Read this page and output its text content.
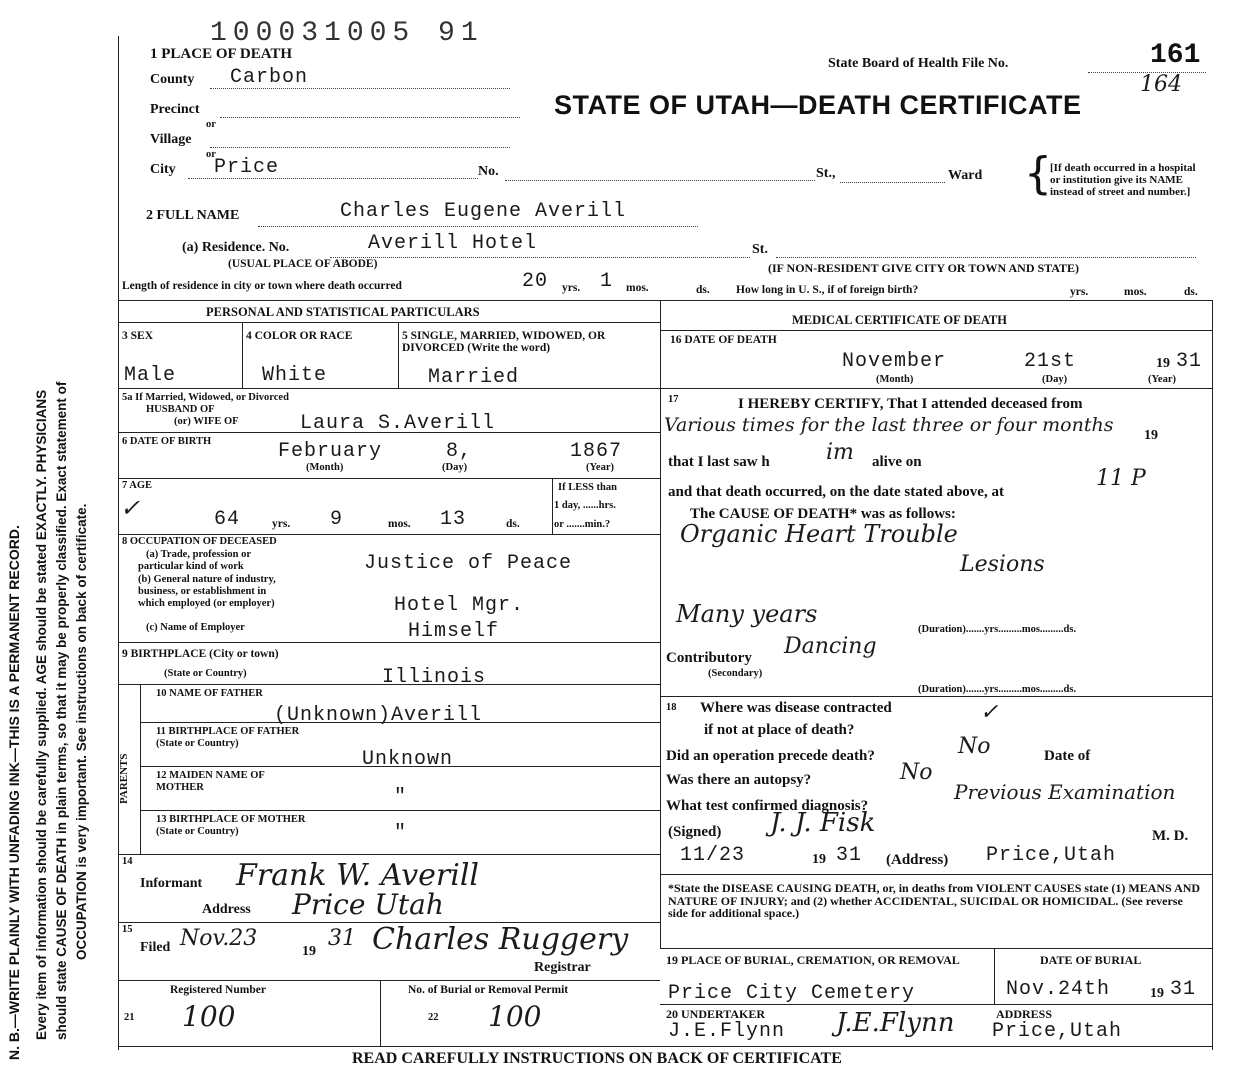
N. B.—WRITE PLAINLY WITH UNFADING INK—THIS IS A PERMANENT RECORD. Every item of information should be carefully supplied. AGE should be stated EXACTLY. PHYSICIANS should state CAUSE OF DEATH in plain terms, so that it may be properly classified. Exact statement of OCCUPATION is very important. See instructions on back of certificate.
100031005 91
1 PLACE OF DEATH
State Board of Health File No.	161
164
STATE OF UTAH—DEATH CERTIFICATE
County Carbon
Precinct
or
Village
or
City Price	No.	St.,	Ward {
[If death occurred in a hospital or institution give its NAME instead of street and number.]
2 FULL NAME	Charles Eugene Averill
(a) Residence. No.	Averill Hotel	St.
(USUAL PLACE OF ABODE)	(IF NON-RESIDENT GIVE CITY OR TOWN AND STATE)
Length of residence in city or town where death occurred	20 yrs. 1 mos.	ds. How long in U. S., if of foreign birth?	yrs.	mos.	ds.
PERSONAL AND STATISTICAL PARTICULARS
MEDICAL CERTIFICATE OF DEATH
3 SEX
Male
4 COLOR OR RACE
White
5 SINGLE, MARRIED, WIDOWED, OR DIVORCED (Write the word)
Married
5a If Married, Widowed, or Divorced
HUSBAND OF
(or) WIFE OF	Laura S.Averill
6 DATE OF BIRTH	February	8,	1867
(Month)	(Day)	(Year)
7 AGE
✓	64	yrs. 9	mos. 13	ds.
If LESS than
1 day, ......hrs.
or .......min.?
8 OCCUPATION OF DECEASED
(a) Trade, profession or
particular kind of work	Justice of Peace
(b) General nature of industry,
business, or establishment in
which employed (or employer)	Hotel Mgr.
(c) Name of Employer	Himself
9 BIRTHPLACE (City or town)
(State or Country)	Illinois
PARENTS
10 NAME OF FATHER
(Unknown)Averill
11 BIRTHPLACE OF FATHER (State or Country)
Unknown
12 MAIDEN NAME OF MOTHER	"
13 BIRTHPLACE OF MOTHER (State or Country)	"
14
Informant Frank W. Averill
Address Price Utah
15
Filed Nov.23
19
31 Charles Ruggery
Registrar
Registered Number
21 100
No. of Burial or Removal Permit
22 100
16 DATE OF DEATH
November	21st	19 31
(Month)	(Day)	(Year)
17	I HEREBY CERTIFY, That I attended deceased from
Various times for the last three or four months 19
that I last saw h	im alive on
and that death occurred, on the date stated above, at
11 P
The CAUSE OF DEATH* was as follows:
Organic Heart Trouble
Lesions
Many years
(Duration).......yrs.........mos.........ds.
Contributory
(Secondary)
Dancing
(Duration).......yrs.........mos.........ds.
18 Where was disease contracted
if not at place of death?
✓
Did an operation precede death?	No	Date of
Was there an autopsy?	No
What test confirmed diagnosis?
Previous Examination
(Signed) J. J. Fisk	M. D.
11/23	19 31 (Address) Price,Utah
*State the DISEASE CAUSING DEATH, or, in deaths from VIOLENT CAUSES state (1) MEANS AND NATURE OF INJURY; and (2) whether ACCIDENTAL, SUICIDAL OR HOMICIDAL. (See reverse side for additional space.)
19 PLACE OF BURIAL, CREMATION, OR REMOVAL
Price City Cemetery
DATE OF BURIAL
Nov.24th	19 31
20 UNDERTAKER
J.E.Flynn J.E.Flynn	ADDRESS
Price,Utah
READ CAREFULLY INSTRUCTIONS ON BACK OF CERTIFICATE
